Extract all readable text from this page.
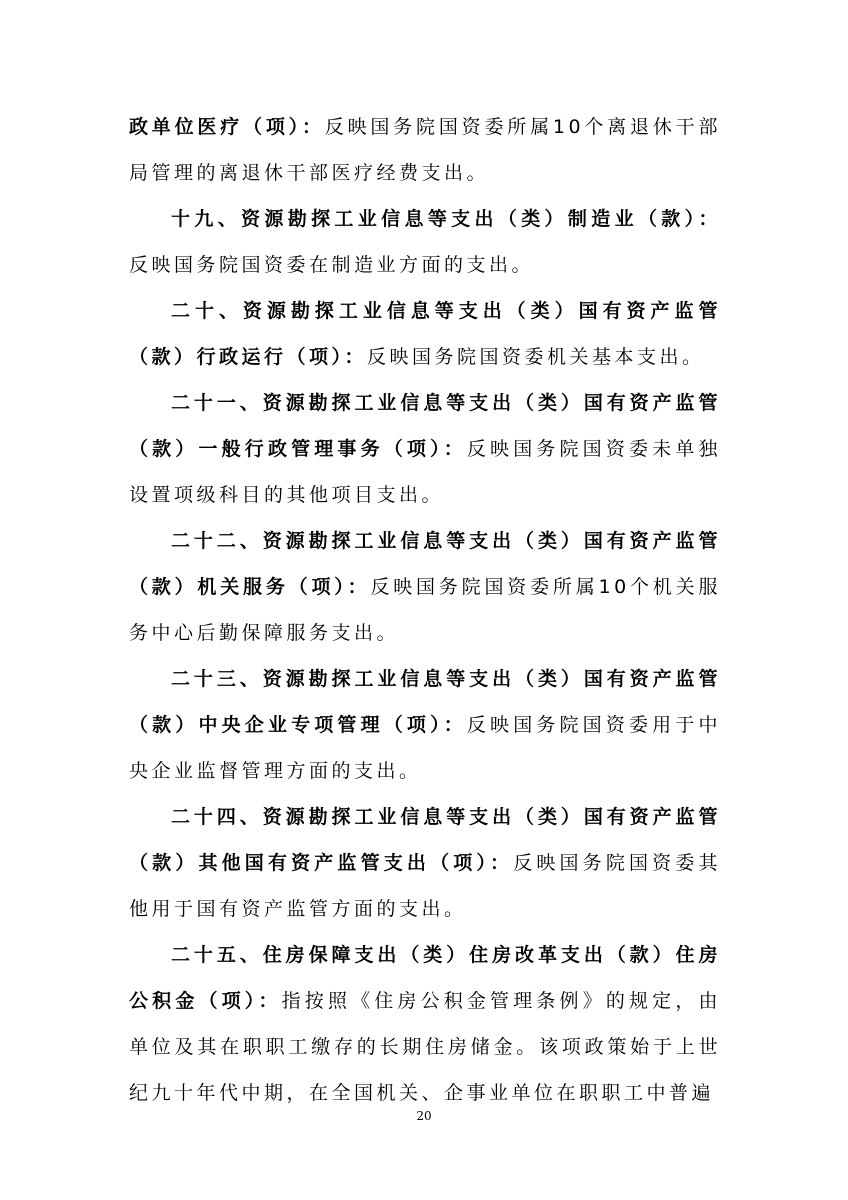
政单位医疗（项）：反映国务院国资委所属10个离退休干部局管理的离退休干部医疗经费支出。

十九、资源勘探工业信息等支出（类）制造业（款）：反映国务院国资委在制造业方面的支出。

二十、资源勘探工业信息等支出（类）国有资产监管（款）行政运行（项）：反映国务院国资委机关基本支出。

二十一、资源勘探工业信息等支出（类）国有资产监管（款）一般行政管理事务（项）：反映国务院国资委未单独设置项级科目的其他项目支出。

二十二、资源勘探工业信息等支出（类）国有资产监管（款）机关服务（项）：反映国务院国资委所属10个机关服务中心后勤保障服务支出。

二十三、资源勘探工业信息等支出（类）国有资产监管（款）中央企业专项管理（项）：反映国务院国资委用于中央企业监督管理方面的支出。

二十四、资源勘探工业信息等支出（类）国有资产监管（款）其他国有资产监管支出（项）：反映国务院国资委其他用于国有资产监管方面的支出。

二十五、住房保障支出（类）住房改革支出（款）住房公积金（项）：指按照《住房公积金管理条例》的规定，由单位及其在职职工缴存的长期住房储金。该项政策始于上世纪九十年代中期，在全国机关、企事业单位在职职工中普遍

20
